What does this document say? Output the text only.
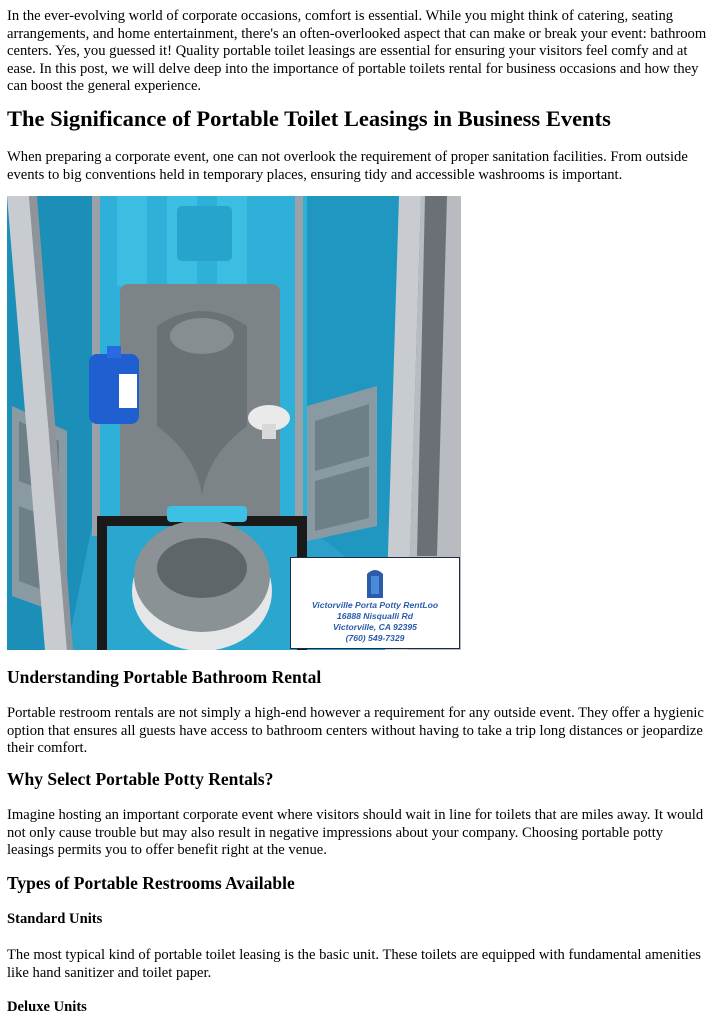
In the ever-evolving world of corporate occasions, comfort is essential. While you might think of catering, seating arrangements, and home entertainment, there's an often-overlooked aspect that can make or break your event: bathroom centers. Yes, you guessed it! Quality portable toilet leasings are essential for ensuring your visitors feel comfy and at ease. In this post, we will delve deep into the importance of portable toilets rental for business occasions and how they can boost the general experience.

The Significance of Portable Toilet Leasings in Business Events

When preparing a corporate event, one can not overlook the requirement of proper sanitation facilities. From outside events to big conventions held in temporary places, ensuring tidy and accessible washrooms is important.

Victorville Porta Potty RentLoo
16888 Nisqualli Rd
Victorville, CA 92395
(760) 549-7329
Understanding Portable Bathroom Rental

Portable restroom rentals are not simply a high-end however a requirement for any outside event. They offer a hygienic option that ensures all guests have access to bathroom centers without having to take a trip long distances or jeopardize their comfort.

Why Select Portable Potty Rentals?

Imagine hosting an important corporate event where visitors should wait in line for toilets that are miles away. It would not only cause trouble but may also result in negative impressions about your company. Choosing portable potty leasings permits you to offer benefit right at the venue.

Types of Portable Restrooms Available
Standard Units

The most typical kind of portable toilet leasing is the basic unit. These toilets are equipped with fundamental amenities like hand sanitizer and toilet paper.

Deluxe Units
